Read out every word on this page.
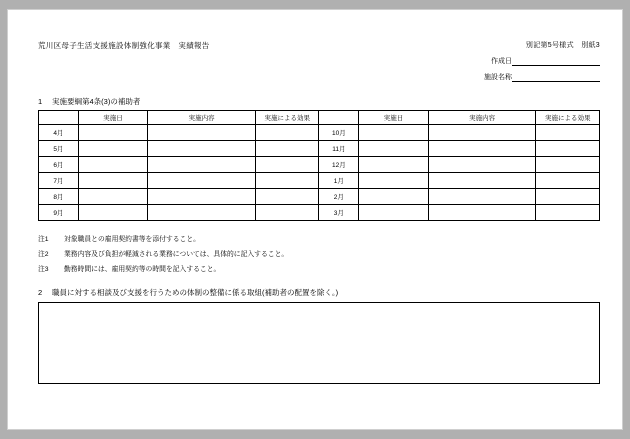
荒川区母子生活支援施設体制強化事業　実績報告	別記第5号様式　別紙3
作成日
施設名称
1 実施要綱第4条(3)の補助者
	実施日	実施内容	実施による効果		実施日	実施内容	実施による効果
4月				10月			
5月				11月			
6月				12月			
7月				1月			
8月				2月			
9月				3月			
注1 対象職員との雇用契約書等を添付すること。
注2 業務内容及び負担が軽減される業務については、具体的に記入すること。
注3 勤務時間には、雇用契約等の時間を記入すること。
2 職員に対する相談及び支援を行うための体制の整備に係る取組(補助者の配置を除く。)
